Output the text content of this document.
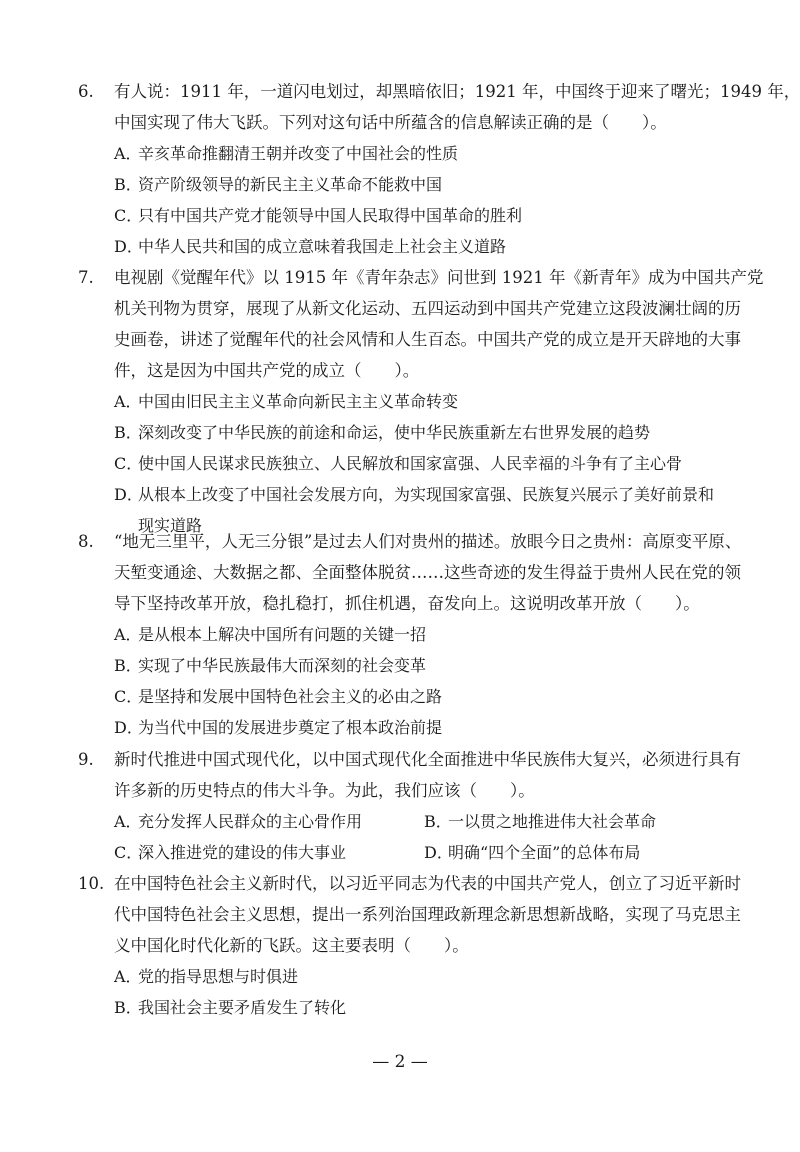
6. 有人说：1911 年，一道闪电划过，却黑暗依旧；1921 年，中国终于迎来了曙光；1949 年，
中国实现了伟大飞跃。下列对这句话中所蕴含的信息解读正确的是（　　）。
A．辛亥革命推翻清王朝并改变了中国社会的性质
B．资产阶级领导的新民主主义革命不能救中国
C．只有中国共产党才能领导中国人民取得中国革命的胜利
D．中华人民共和国的成立意味着我国走上社会主义道路
7. 电视剧《觉醒年代》以 1915 年《青年杂志》问世到 1921 年《新青年》成为中国共产党
机关刊物为贯穿，展现了从新文化运动、五四运动到中国共产党建立这段波澜壮阔的历
史画卷，讲述了觉醒年代的社会风情和人生百态。中国共产党的成立是开天辟地的大事
件，这是因为中国共产党的成立（　　）。
A．中国由旧民主主义革命向新民主主义革命转变
B．深刻改变了中华民族的前途和命运，使中华民族重新左右世界发展的趋势
C．使中国人民谋求民族独立、人民解放和国家富强、人民幸福的斗争有了主心骨
D．从根本上改变了中国社会发展方向，为实现国家富强、民族复兴展示了美好前景和
现实道路
8. “地无三里平，人无三分银”是过去人们对贵州的描述。放眼今日之贵州：高原变平原、
天堑变通途、大数据之都、全面整体脱贫……这些奇迹的发生得益于贵州人民在党的领
导下坚持改革开放，稳扎稳打，抓住机遇，奋发向上。这说明改革开放（　　）。
A．是从根本上解决中国所有问题的关键一招
B．实现了中华民族最伟大而深刻的社会变革
C．是坚持和发展中国特色社会主义的必由之路
D．为当代中国的发展进步奠定了根本政治前提
9. 新时代推进中国式现代化，以中国式现代化全面推进中华民族伟大复兴，必须进行具有
许多新的历史特点的伟大斗争。为此，我们应该（　　）。
A．充分发挥人民群众的主心骨作用	B．一以贯之地推进伟大社会革命
C．深入推进党的建设的伟大事业	D．明确“四个全面”的总体布局
10. 在中国特色社会主义新时代，以习近平同志为代表的中国共产党人，创立了习近平新时
代中国特色社会主义思想，提出一系列治国理政新理念新思想新战略，实现了马克思主
义中国化时代化新的飞跃。这主要表明（　　）。
A．党的指导思想与时俱进
B．我国社会主要矛盾发生了转化
— 2 —
